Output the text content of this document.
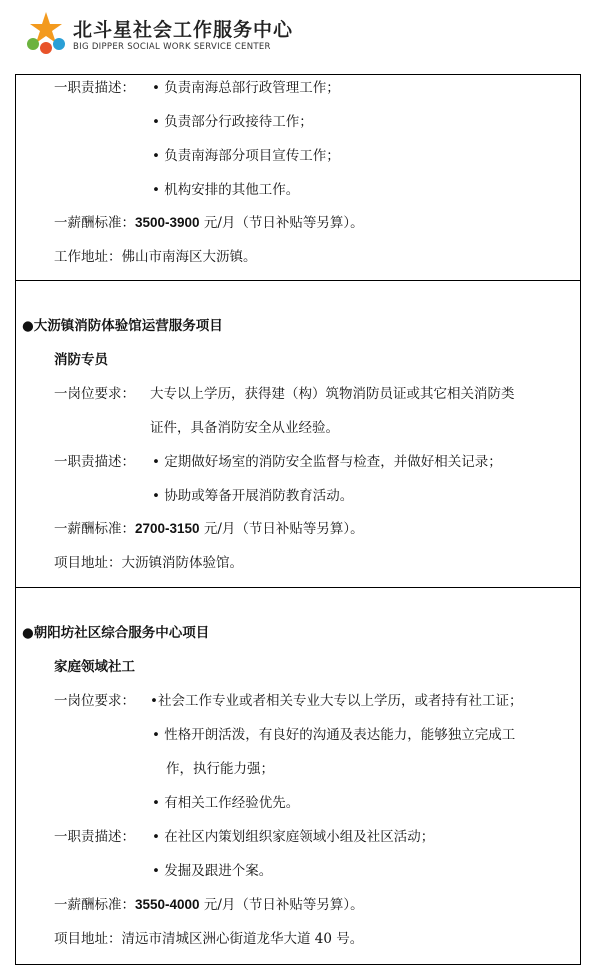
北斗星社会工作服务中心
BIG DIPPER SOCIAL WORK SERVICE CENTER
一职责描述： • 负责南海总部行政管理工作；
• 负责部分行政接待工作；
• 负责南海部分项目宣传工作；
• 机构安排的其他工作。
一薪酬标准：3500-3900 元/月（节日补贴等另算）。
工作地址：佛山市南海区大沥镇。
●大沥镇消防体验馆运营服务项目
消防专员
一岗位要求： 大专以上学历，获得建（构）筑物消防员证或其它相关消防类
证件，具备消防安全从业经验。
一职责描述： • 定期做好场室的消防安全监督与检查，并做好相关记录；
• 协助或筹备开展消防教育活动。
一薪酬标准：2700-3150 元/月（节日补贴等另算）。
项目地址：大沥镇消防体验馆。
●朝阳坊社区综合服务中心项目
家庭领域社工
一岗位要求： •社会工作专业或者相关专业大专以上学历，或者持有社工证；
• 性格开朗活泼，有良好的沟通及表达能力，能够独立完成工
作，执行能力强；
• 有相关工作经验优先。
一职责描述： • 在社区内策划组织家庭领域小组及社区活动；
• 发掘及跟进个案。
一薪酬标准：3550-4000 元/月（节日补贴等另算）。
项目地址：清远市清城区洲心街道龙华大道 40 号。
